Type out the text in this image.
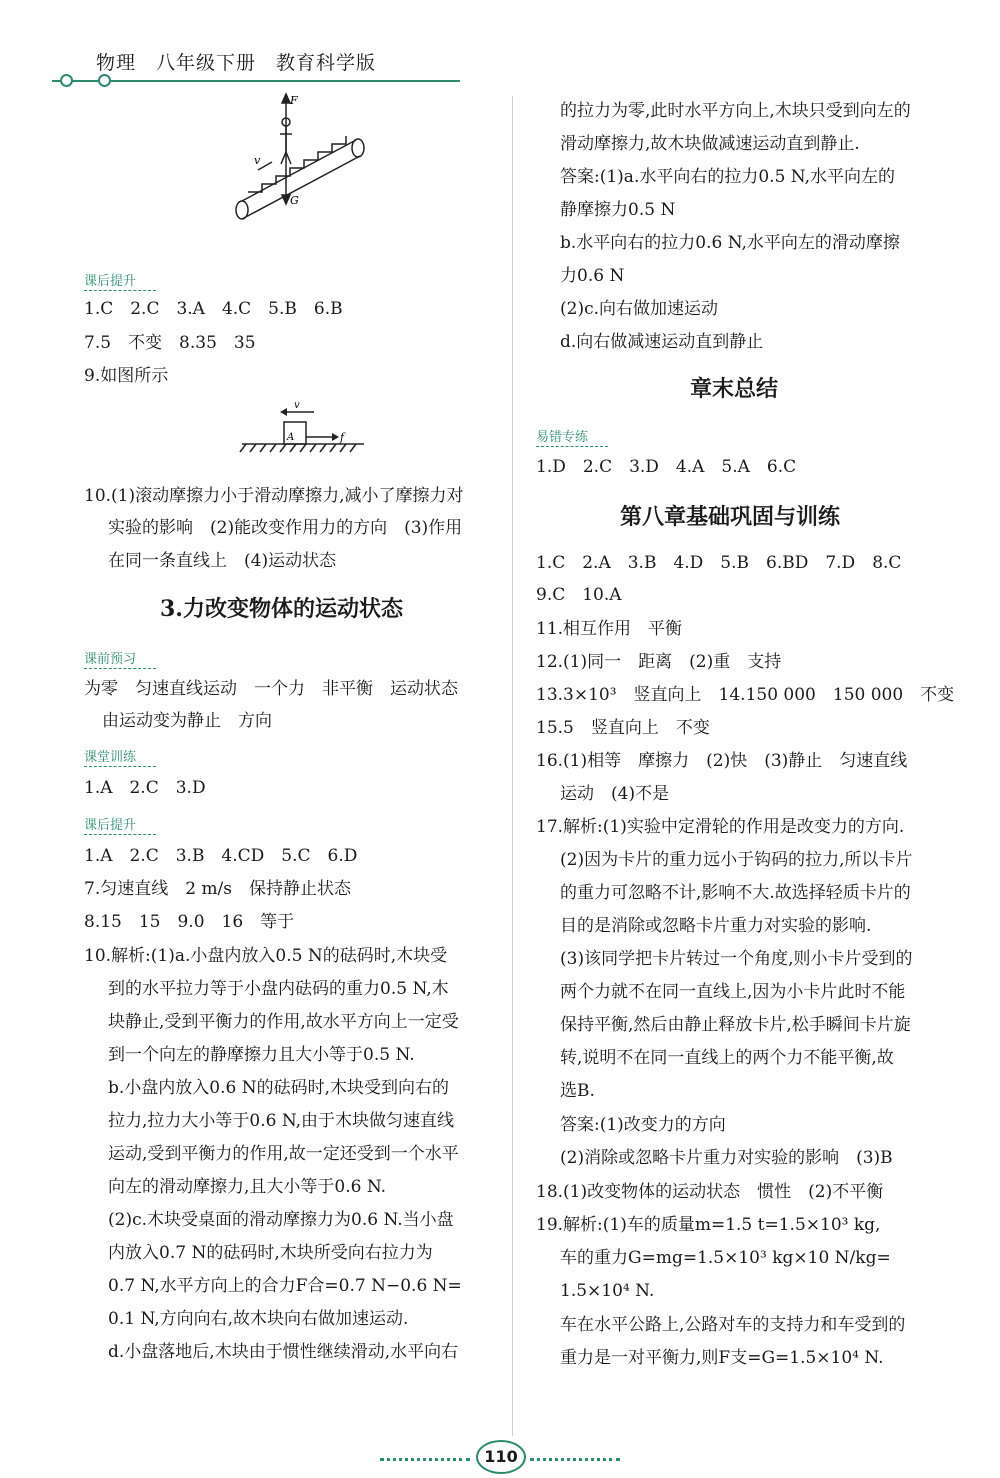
物理　八年级下册　教育科学版
F
G
v
课后提升
1.C　2.C　3.A　4.C　5.B　6.B
7.5　不变　8.35　35
9.如图所示
v
A	f
10.(1)滚动摩擦力小于滑动摩擦力,减小了摩擦力对
实验的影响　(2)能改变作用力的方向　(3)作用
在同一条直线上　(4)运动状态
3.力改变物体的运动状态
课前预习
为零　匀速直线运动　一个力　非平衡　运动状态
由运动变为静止　方向
课堂训练
1.A　2.C　3.D
课后提升
1.A　2.C　3.B　4.CD　5.C　6.D
7.匀速直线　2 m/s　保持静止状态
8.15　15　9.0　16　等于
10.解析:(1)a.小盘内放入0.5 N的砝码时,木块受
到的水平拉力等于小盘内砝码的重力0.5 N,木
块静止,受到平衡力的作用,故水平方向上一定受
到一个向左的静摩擦力且大小等于0.5 N.
b.小盘内放入0.6 N的砝码时,木块受到向右的
拉力,拉力大小等于0.6 N,由于木块做匀速直线
运动,受到平衡力的作用,故一定还受到一个水平
向左的滑动摩擦力,且大小等于0.6 N.
(2)c.木块受桌面的滑动摩擦力为0.6 N.当小盘
内放入0.7 N的砝码时,木块所受向右拉力为
0.7 N,水平方向上的合力F合=0.7 N−0.6 N=
0.1 N,方向向右,故木块向右做加速运动.
d.小盘落地后,木块由于惯性继续滑动,水平向右
的拉力为零,此时水平方向上,木块只受到向左的
滑动摩擦力,故木块做减速运动直到静止.
答案:(1)a.水平向右的拉力0.5 N,水平向左的
静摩擦力0.5 N
b.水平向右的拉力0.6 N,水平向左的滑动摩擦
力0.6 N
(2)c.向右做加速运动
d.向右做减速运动直到静止
章末总结
易错专练
1.D　2.C　3.D　4.A　5.A　6.C
第八章基础巩固与训练
1.C　2.A　3.B　4.D　5.B　6.BD　7.D　8.C
9.C　10.A
11.相互作用　平衡
12.(1)同一　距离　(2)重　支持
13.3×10³　竖直向上　14.150 000　150 000　不变
15.5　竖直向上　不变
16.(1)相等　摩擦力　(2)快　(3)静止　匀速直线
运动　(4)不是
17.解析:(1)实验中定滑轮的作用是改变力的方向.
(2)因为卡片的重力远小于钩码的拉力,所以卡片
的重力可忽略不计,影响不大.故选择轻质卡片的
目的是消除或忽略卡片重力对实验的影响.
(3)该同学把卡片转过一个角度,则小卡片受到的
两个力就不在同一直线上,因为小卡片此时不能
保持平衡,然后由静止释放卡片,松手瞬间卡片旋
转,说明不在同一直线上的两个力不能平衡,故
选B.
答案:(1)改变力的方向
(2)消除或忽略卡片重力对实验的影响　(3)B
18.(1)改变物体的运动状态　惯性　(2)不平衡
19.解析:(1)车的质量m=1.5 t=1.5×10³ kg,
车的重力G=mg=1.5×10³ kg×10 N/kg=
1.5×10⁴ N.
车在水平公路上,公路对车的支持力和车受到的
重力是一对平衡力,则F支=G=1.5×10⁴ N.
110
